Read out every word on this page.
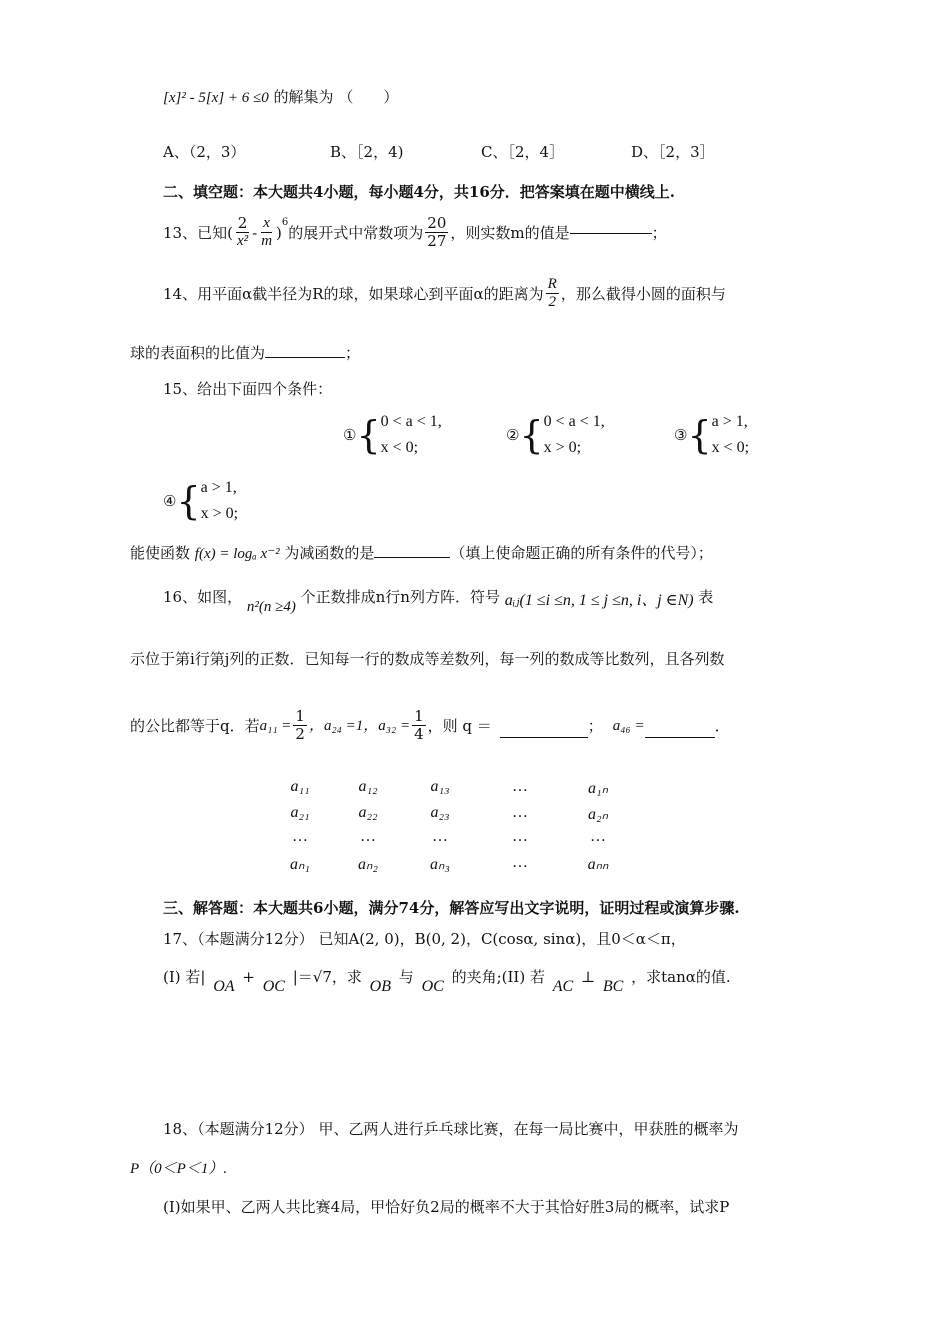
[x]² - 5[x] + 6 ≤0 的解集为 （　　）
A、（2，3）	B、［2，4)	C、［2，4］	D、［2，3］
二、填空题：本大题共4小题，每小题4分，共16分．把答案填在题中横线上.
13、已知 ( $\frac{2}{\text{x²}} - \frac{x}{m}$ )
$^6$
的展开式中常数项为 $\frac{20}{27}$ ，则实数m的值是	；
14、用平面α截半径为R的球，如果球心到平面α的距离为 $\frac{R}{2}$ ，那么截得小圆的面积与
球的表面积的比值为	；
15、给出下面四个条件：
① { 0 < a < 1,
x < 0;
② { 0 < a < 1,
x > 0;
③ { a > 1,
x < 0;
④ { a > 1,
x > 0;
能使函数 f(x) = logₐ x⁻² 为减函数的是	（填上使命题正确的所有条件的代号）；
16、如图， n²(n ≥4) 个正数排成n行n列方阵．符号 aᵢⱼ(1 ≤i ≤n, 1 ≤ j ≤n, i、j ∈N) 表
示位于第i行第j列的正数．已知每一行的数成等差数列，每一列的数成等比数列，且各列数
的公比都等于q．若 $a_{11} = \frac{1}{2}$ ，a₂₄ =1， $a_{32} = \frac{1}{4}$ ，则 q ＝	； a₄₆ =	．
a₁₁	a₁₂	a₁₃	…	a₁ₙ
a₂₁	a₂₂	a₂₃	…	a₂ₙ
…	…	…	…	…
aₙ₁	aₙ₂	aₙ₃	…	aₙₙ
三、解答题：本大题共6小题，满分74分，解答应写出文字说明，证明过程或演算步骤.
17、（本题满分12分） 已知A(2, 0)，B(0, 2)，C(cosα, sinα)，且0＜α＜π，
(I) 若| OA + OC |＝√7，求 OB 与 OC 的夹角;(II) 若 AC ⊥ BC ，求tanα的值.
18、（本题满分12分） 甲、乙两人进行乒乓球比赛，在每一局比赛中，甲获胜的概率为
P（0＜P＜1）.
(I)如果甲、乙两人共比赛4局，甲恰好负2局的概率不大于其恰好胜3局的概率，试求P
